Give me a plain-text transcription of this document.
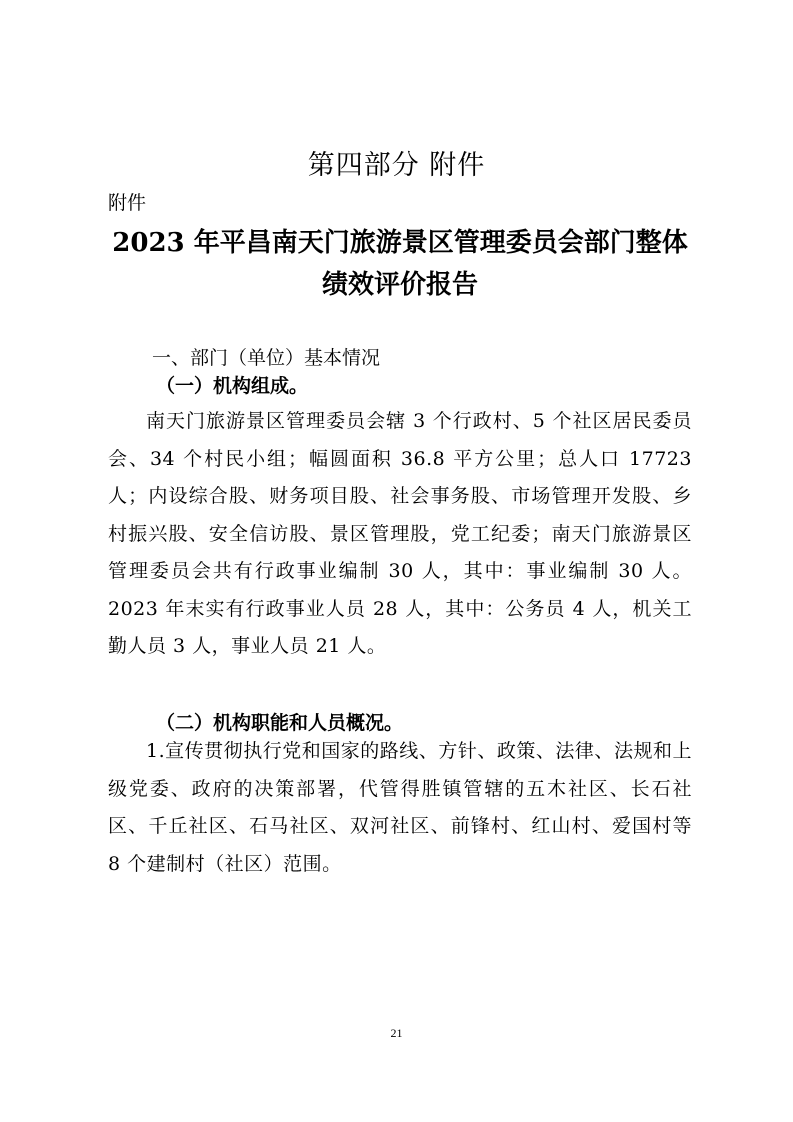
第四部分 附件
附件
2023 年平昌南天门旅游景区管理委员会部门整体
绩效评价报告
一、部门（单位）基本情况
（一）机构组成。
南天门旅游景区管理委员会辖 3 个行政村、5 个社区居民委员会、34 个村民小组；幅圆面积 36.8 平方公里；总人口 17723 人；内设综合股、财务项目股、社会事务股、市场管理开发股、乡村振兴股、安全信访股、景区管理股，党工纪委；南天门旅游景区管理委员会共有行政事业编制 30 人，其中：事业编制 30 人。2023 年末实有行政事业人员 28 人，其中：公务员 4 人，机关工勤人员 3 人，事业人员 21 人。
（二）机构职能和人员概况。
1.宣传贯彻执行党和国家的路线、方针、政策、法律、法规和上级党委、政府的决策部署，代管得胜镇管辖的五木社区、长石社区、千丘社区、石马社区、双河社区、前锋村、红山村、爱国村等 8 个建制村（社区）范围。
21
